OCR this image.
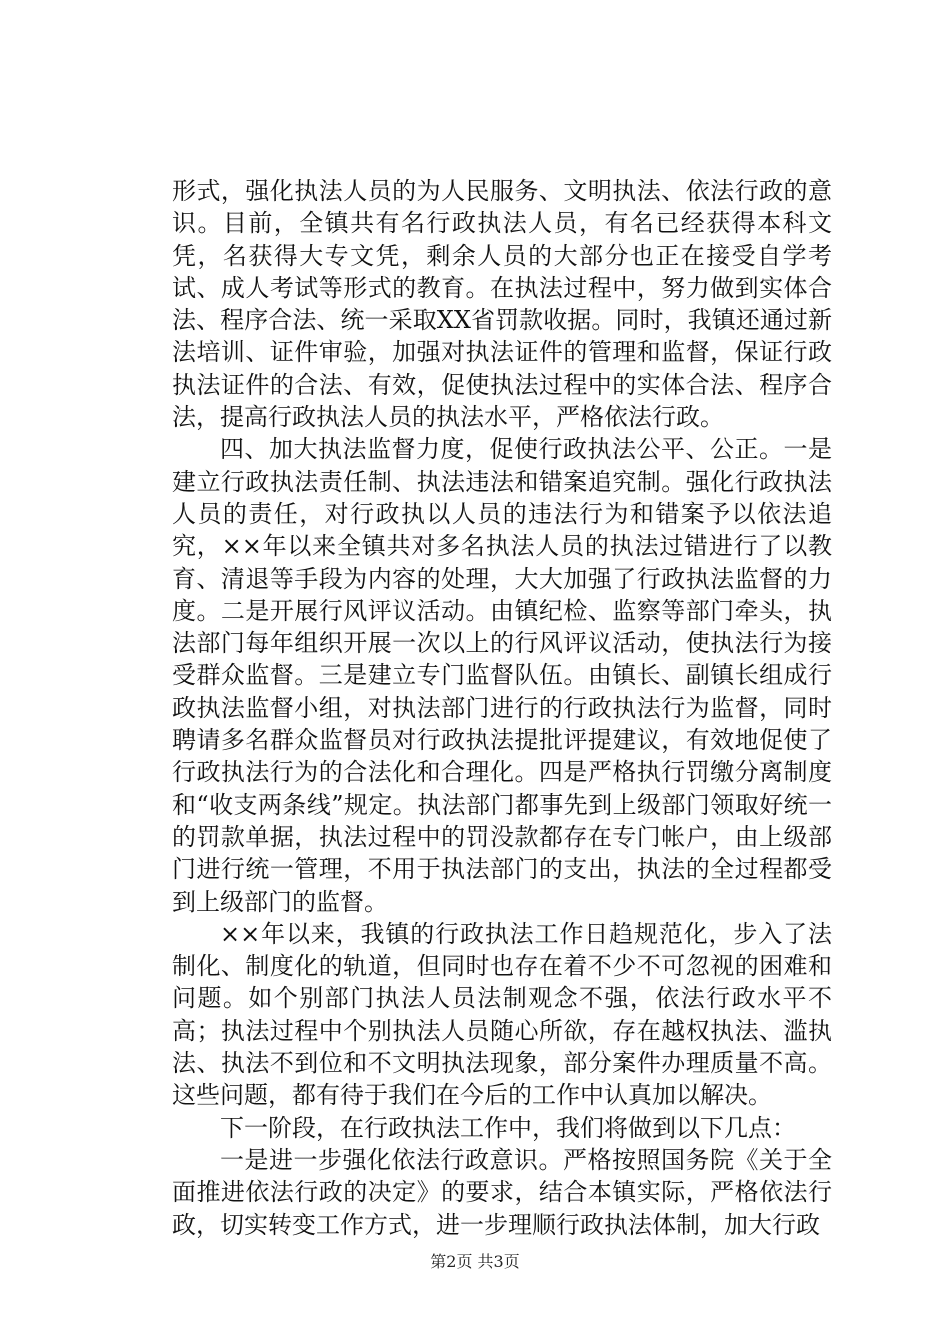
形式，强化执法人员的为人民服务、文明执法、依法行政的意识。目前，全镇共有名行政执法人员，有名已经获得本科文凭，名获得大专文凭，剩余人员的大部分也正在接受自学考试、成人考试等形式的教育。在执法过程中，努力做到实体合法、程序合法、统一采取XX省罚款收据。同时，我镇还通过新法培训、证件审验，加强对执法证件的管理和监督，保证行政执法证件的合法、有效，促使执法过程中的实体合法、程序合法，提高行政执法人员的执法水平，严格依法行政。

四、加大执法监督力度，促使行政执法公平、公正。一是建立行政执法责任制、执法违法和错案追究制。强化行政执法人员的责任，对行政执以人员的违法行为和错案予以依法追究，××年以来全镇共对多名执法人员的执法过错进行了以教育、清退等手段为内容的处理，大大加强了行政执法监督的力度。二是开展行风评议活动。由镇纪检、监察等部门牵头，执法部门每年组织开展一次以上的行风评议活动，使执法行为接受群众监督。三是建立专门监督队伍。由镇长、副镇长组成行政执法监督小组，对执法部门进行的行政执法行为监督，同时聘请多名群众监督员对行政执法提批评提建议，有效地促使了行政执法行为的合法化和合理化。四是严格执行罚缴分离制度和“收支两条线”规定。执法部门都事先到上级部门领取好统一的罚款单据，执法过程中的罚没款都存在专门帐户，由上级部门进行统一管理，不用于执法部门的支出，执法的全过程都受到上级部门的监督。

××年以来，我镇的行政执法工作日趋规范化，步入了法制化、制度化的轨道，但同时也存在着不少不可忽视的困难和问题。如个别部门执法人员法制观念不强，依法行政水平不高；执法过程中个别执法人员随心所欲，存在越权执法、滥执法、执法不到位和不文明执法现象，部分案件办理质量不高。这些问题，都有待于我们在今后的工作中认真加以解决。

下一阶段，在行政执法工作中，我们将做到以下几点：

一是进一步强化依法行政意识。严格按照国务院《关于全面推进依法行政的决定》的要求，结合本镇实际，严格依法行政，切实转变工作方式，进一步理顺行政执法体制，加大行政

第2页 共3页
